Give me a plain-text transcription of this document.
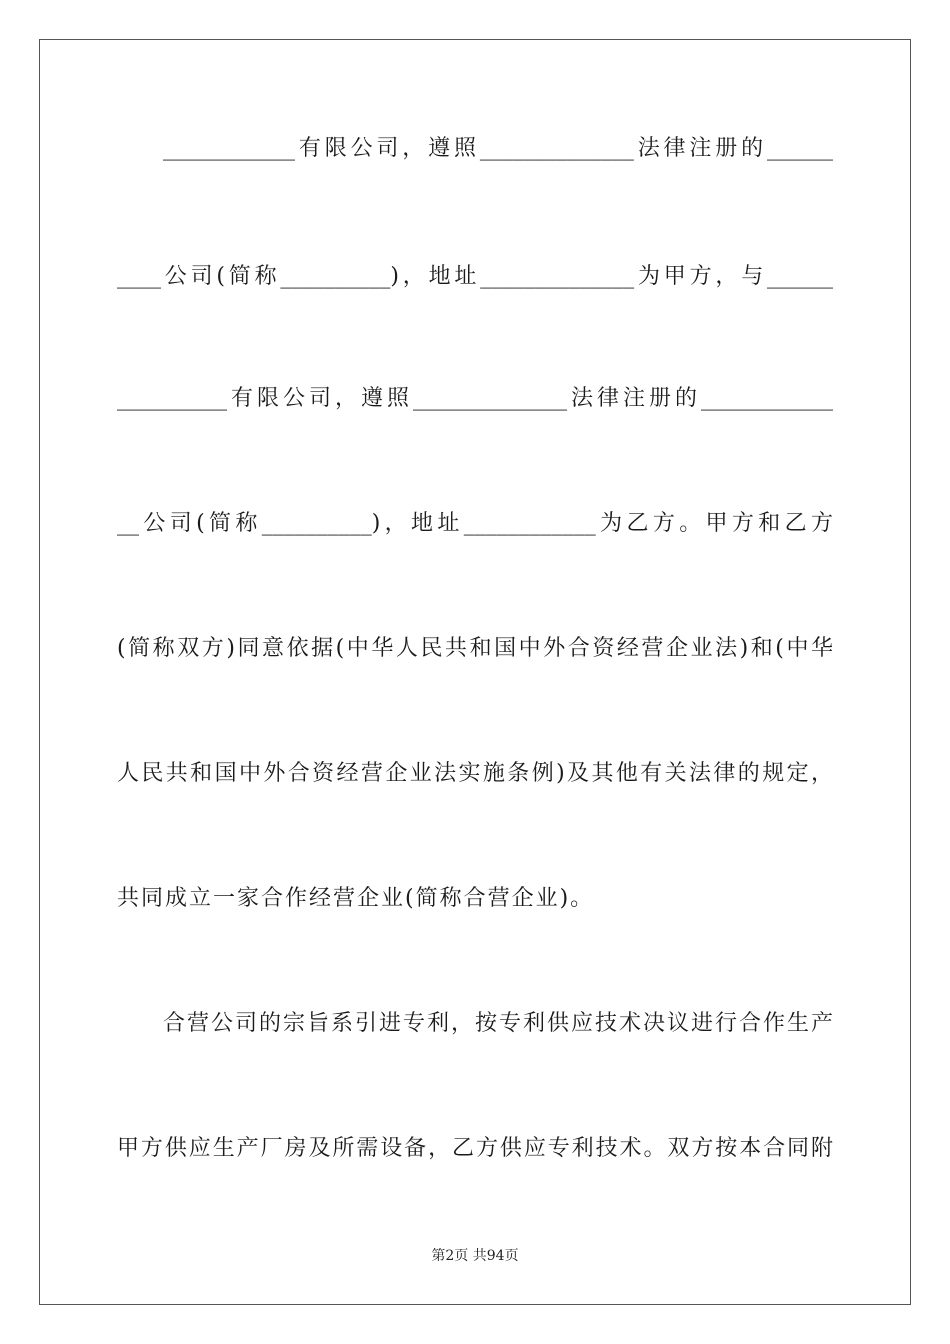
____________有限公司，遵照______________法律注册的______
____公司(简称__________)，地址______________为甲方，与______
__________有限公司，遵照______________法律注册的____________
__公司(简称__________)，地址____________为乙方。甲方和乙方
(简称双方)同意依据(中华人民共和国中外合资经营企业法)和(中华
人民共和国中外合资经营企业法实施条例)及其他有关法律的规定，
共同成立一家合作经营企业(简称合营企业)。
合营公司的宗旨系引进专利，按专利供应技术决议进行合作生产
甲方供应生产厂房及所需设备，乙方供应专利技术。双方按本合同附
第2页 共94页
